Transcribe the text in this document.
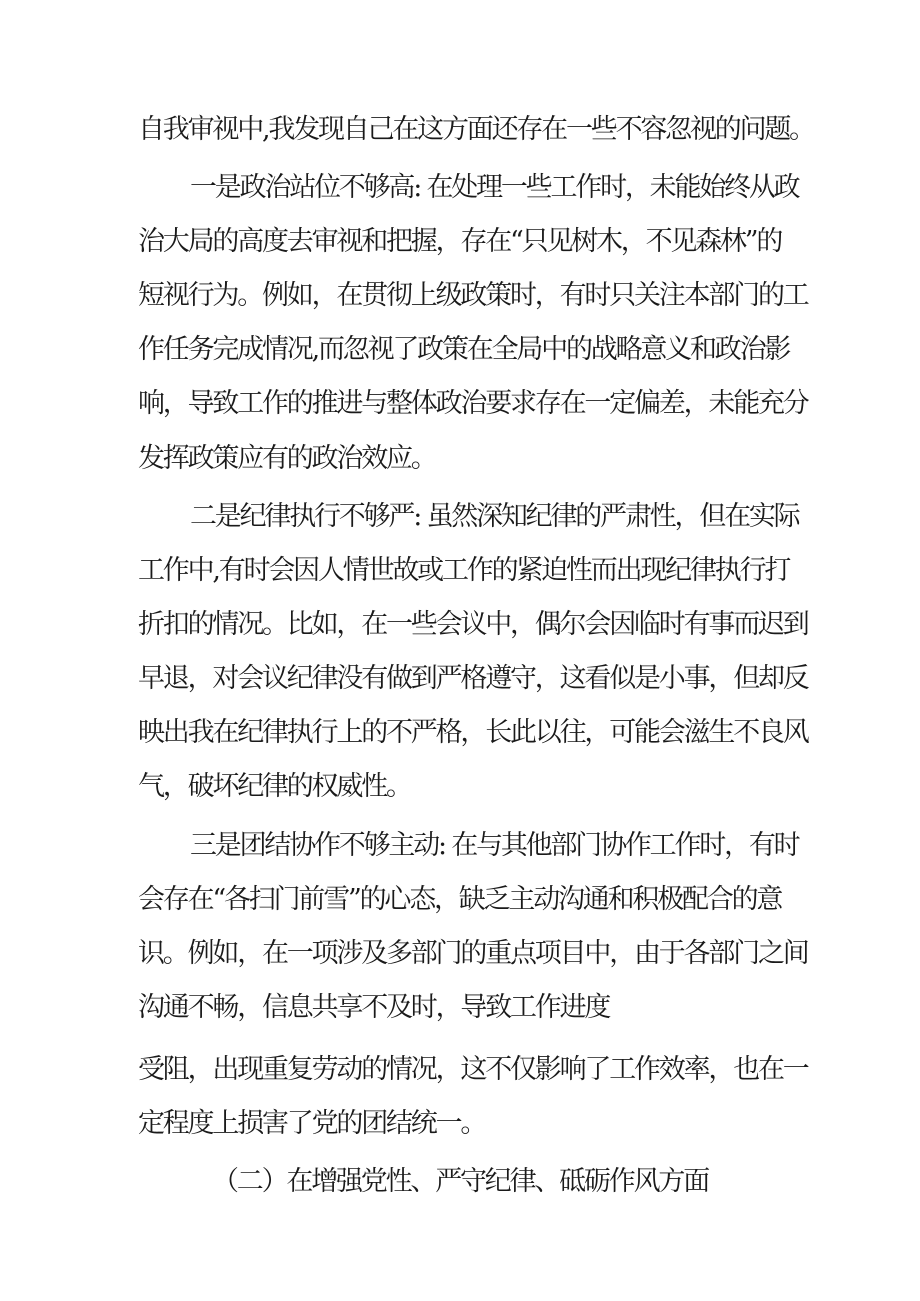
自我审视中,我发现自己在这方面还存在一些不容忽视的问题。
一是政治站位不够高: 在处理一些工作时，未能始终从政
治大局的高度去审视和把握，存在“只见树木，不见森林”的
短视行为。例如，在贯彻上级政策时，有时只关注本部门的工
作任务完成情况,而忽视了政策在全局中的战略意义和政治影
响，导致工作的推进与整体政治要求存在一定偏差，未能充分
发挥政策应有的政治效应。
二是纪律执行不够严: 虽然深知纪律的严肃性，但在实际
工作中,有时会因人情世故或工作的紧迫性而出现纪律执行打
折扣的情况。比如，在一些会议中，偶尔会因临时有事而迟到
早退，对会议纪律没有做到严格遵守，这看似是小事，但却反
映出我在纪律执行上的不严格，长此以往，可能会滋生不良风
气，破坏纪律的权威性。
三是团结协作不够主动: 在与其他部门协作工作时，有时
会存在“各扫门前雪”的心态，缺乏主动沟通和积极配合的意
识。例如，在一项涉及多部门的重点项目中，由于各部门之间
沟通不畅，信息共享不及时，导致工作进度
受阻，出现重复劳动的情况，这不仅影响了工作效率，也在一
定程度上损害了党的团结统一。
（二）在增强党性、严守纪律、砥砺作风方面
